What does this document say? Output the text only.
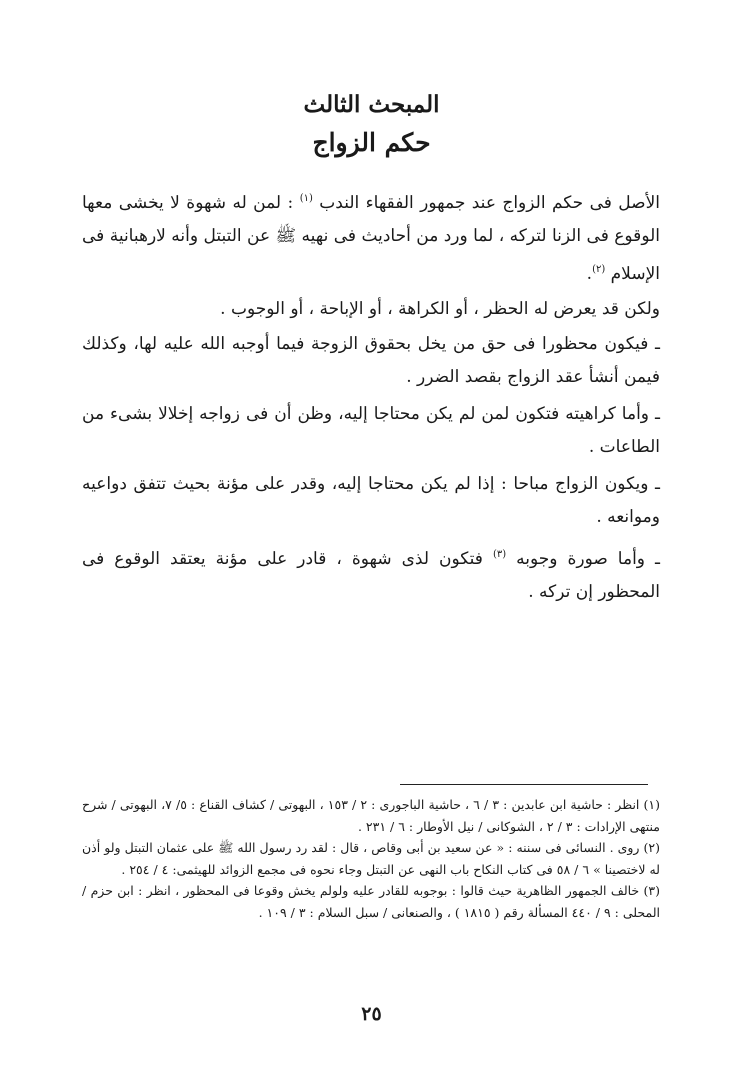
المبحث الثالث
حكم الزواج

الأصل فى حكم الزواج عند جمهور الفقهاء الندب $^{(١)}$ : لمن له شهوة لا يخشى معها الوقوع فى الزنا لتركه ، لما ورد من أحاديث فى نهيه ﷺ عن التبتل وأنه لارهبانية فى الإسلام $^{(٢)}$.

ولكن قد يعرض له الحظر ، أو الكراهة ، أو الإباحة ، أو الوجوب .

ـ فيكون محظورا فى حق من يخل بحقوق الزوجة فيما أوجبه الله عليه لها، وكذلك فيمن أنشأ عقد الزواج بقصد الضرر .

ـ وأما كراهيته فتكون لمن لم يكن محتاجا إليه، وظن أن فى زواجه إخلالا بشىء من الطاعات .

ـ ويكون الزواج مباحا : إذا لم يكن محتاجا إليه، وقدر على مؤنة بحيث تتفق دواعيه وموانعه .

ـ وأما صورة وجوبه $^{(٣)}$ فتكون لذى شهوة ، قادر على مؤنة يعتقد الوقوع فى المحظور إن تركه .

(١) انظر : حاشية ابن عابدين : ٣ / ٦ ، حاشية الباجورى : ٢ / ١٥٣ ، البهوتى / كشاف القناع : ٥/ ٧، البهوتى / شرح منتهى الإرادات : ٣ / ٢ ، الشوكانى / نيل الأوطار : ٦ / ٢٣١ .

(٢) روى . النسائى فى سننه : « عن سعيد بن أبى وقاص ، قال : لقد رد رسول الله ﷺ على عثمان التبتل ولو أذن له لاختصينا » ٦ / ٥٨ فى كتاب النكاح باب النهى عن التبتل وجاء نحوه فى مجمع الزوائد للهيثمى: ٤ / ٢٥٤ .

(٣) خالف الجمهور الظاهرية حيث قالوا : بوجوبه للقادر عليه ولولم يخش وقوعا فى المحظور ، انظر : ابن حزم / المحلى : ٩ / ٤٤٠ المسألة رقم ( ١٨١٥ ) ، والصنعانى / سبل السلام : ٣ / ١٠٩ .

٢٥
